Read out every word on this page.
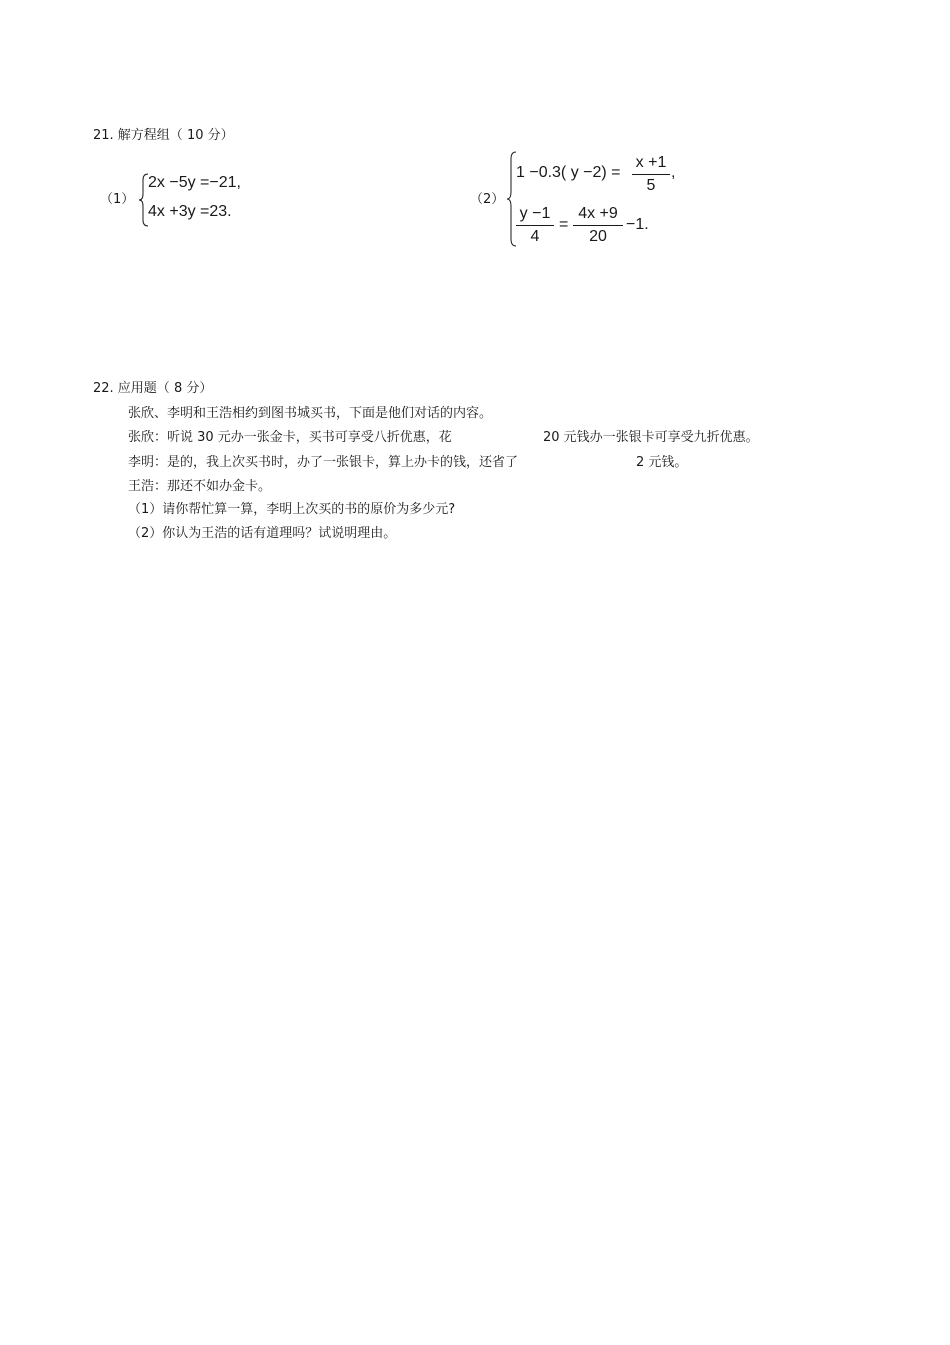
21. 解方程组（ 10 分）
（1）
2x −5y =−21,
4x +3y =23.
（2）
1 −0.3( y −2) =
x +1
5
,
y −1
4
=
4x +9
20
−1.
22. 应用题（ 8 分）
张欣、李明和王浩相约到图书城买书，下面是他们对话的内容。
张欣：听说 30 元办一张金卡，买书可享受八折优惠，花	20 元钱办一张银卡可享受九折优惠。
李明：是的，我上次买书时，办了一张银卡，算上办卡的钱，还省了	2 元钱。
王浩：那还不如办金卡。
（1）请你帮忙算一算，李明上次买的书的原价为多少元?
（2）你认为王浩的话有道理吗？试说明理由。
